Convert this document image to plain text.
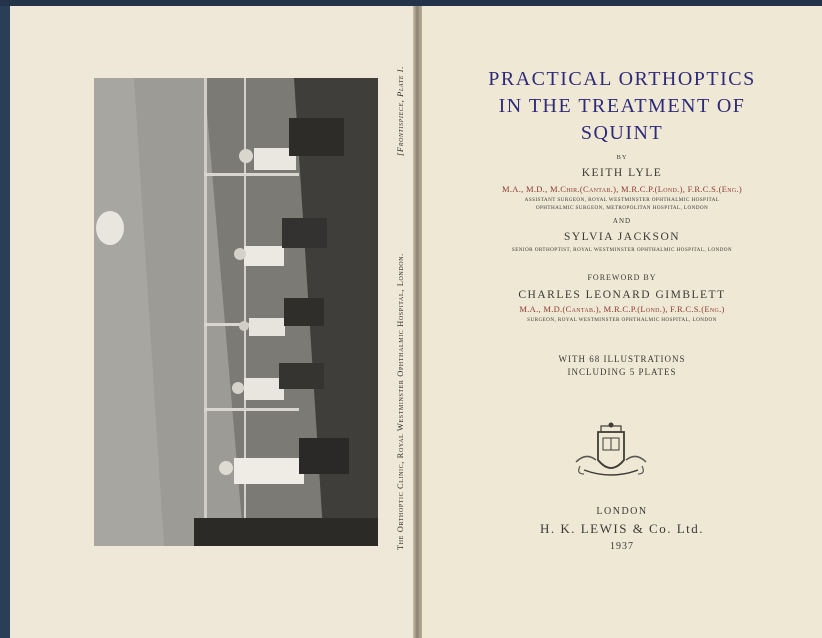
The Orthoptic Clinic, Royal Westminster Ophthalmic Hospital, London.
[Frontispiece, Plate I.	PRACTICAL ORTHOPTICS
IN THE TREATMENT OF
SQUINT
BY
KEITH LYLE
M.A., M.D., M.Chir.(Cantab.), M.R.C.P.(Lond.), F.R.C.S.(Eng.)
ASSISTANT SURGEON, ROYAL WESTMINSTER OPHTHALMIC HOSPITAL
OPHTHALMIC SURGEON, METROPOLITAN HOSPITAL, LONDON
AND
SYLVIA JACKSON
SENIOR ORTHOPTIST, ROYAL WESTMINSTER OPHTHALMIC HOSPITAL, LONDON
FOREWORD BY
CHARLES LEONARD GIMBLETT
M.A., M.D.(Cantab.), M.R.C.P.(Lond.), F.R.C.S.(Eng.)
SURGEON, ROYAL WESTMINSTER OPHTHALMIC HOSPITAL, LONDON
WITH 68 ILLUSTRATIONS
INCLUDING 5 PLATES
LONDON
H. K. LEWIS & Co. Ltd.
1937
